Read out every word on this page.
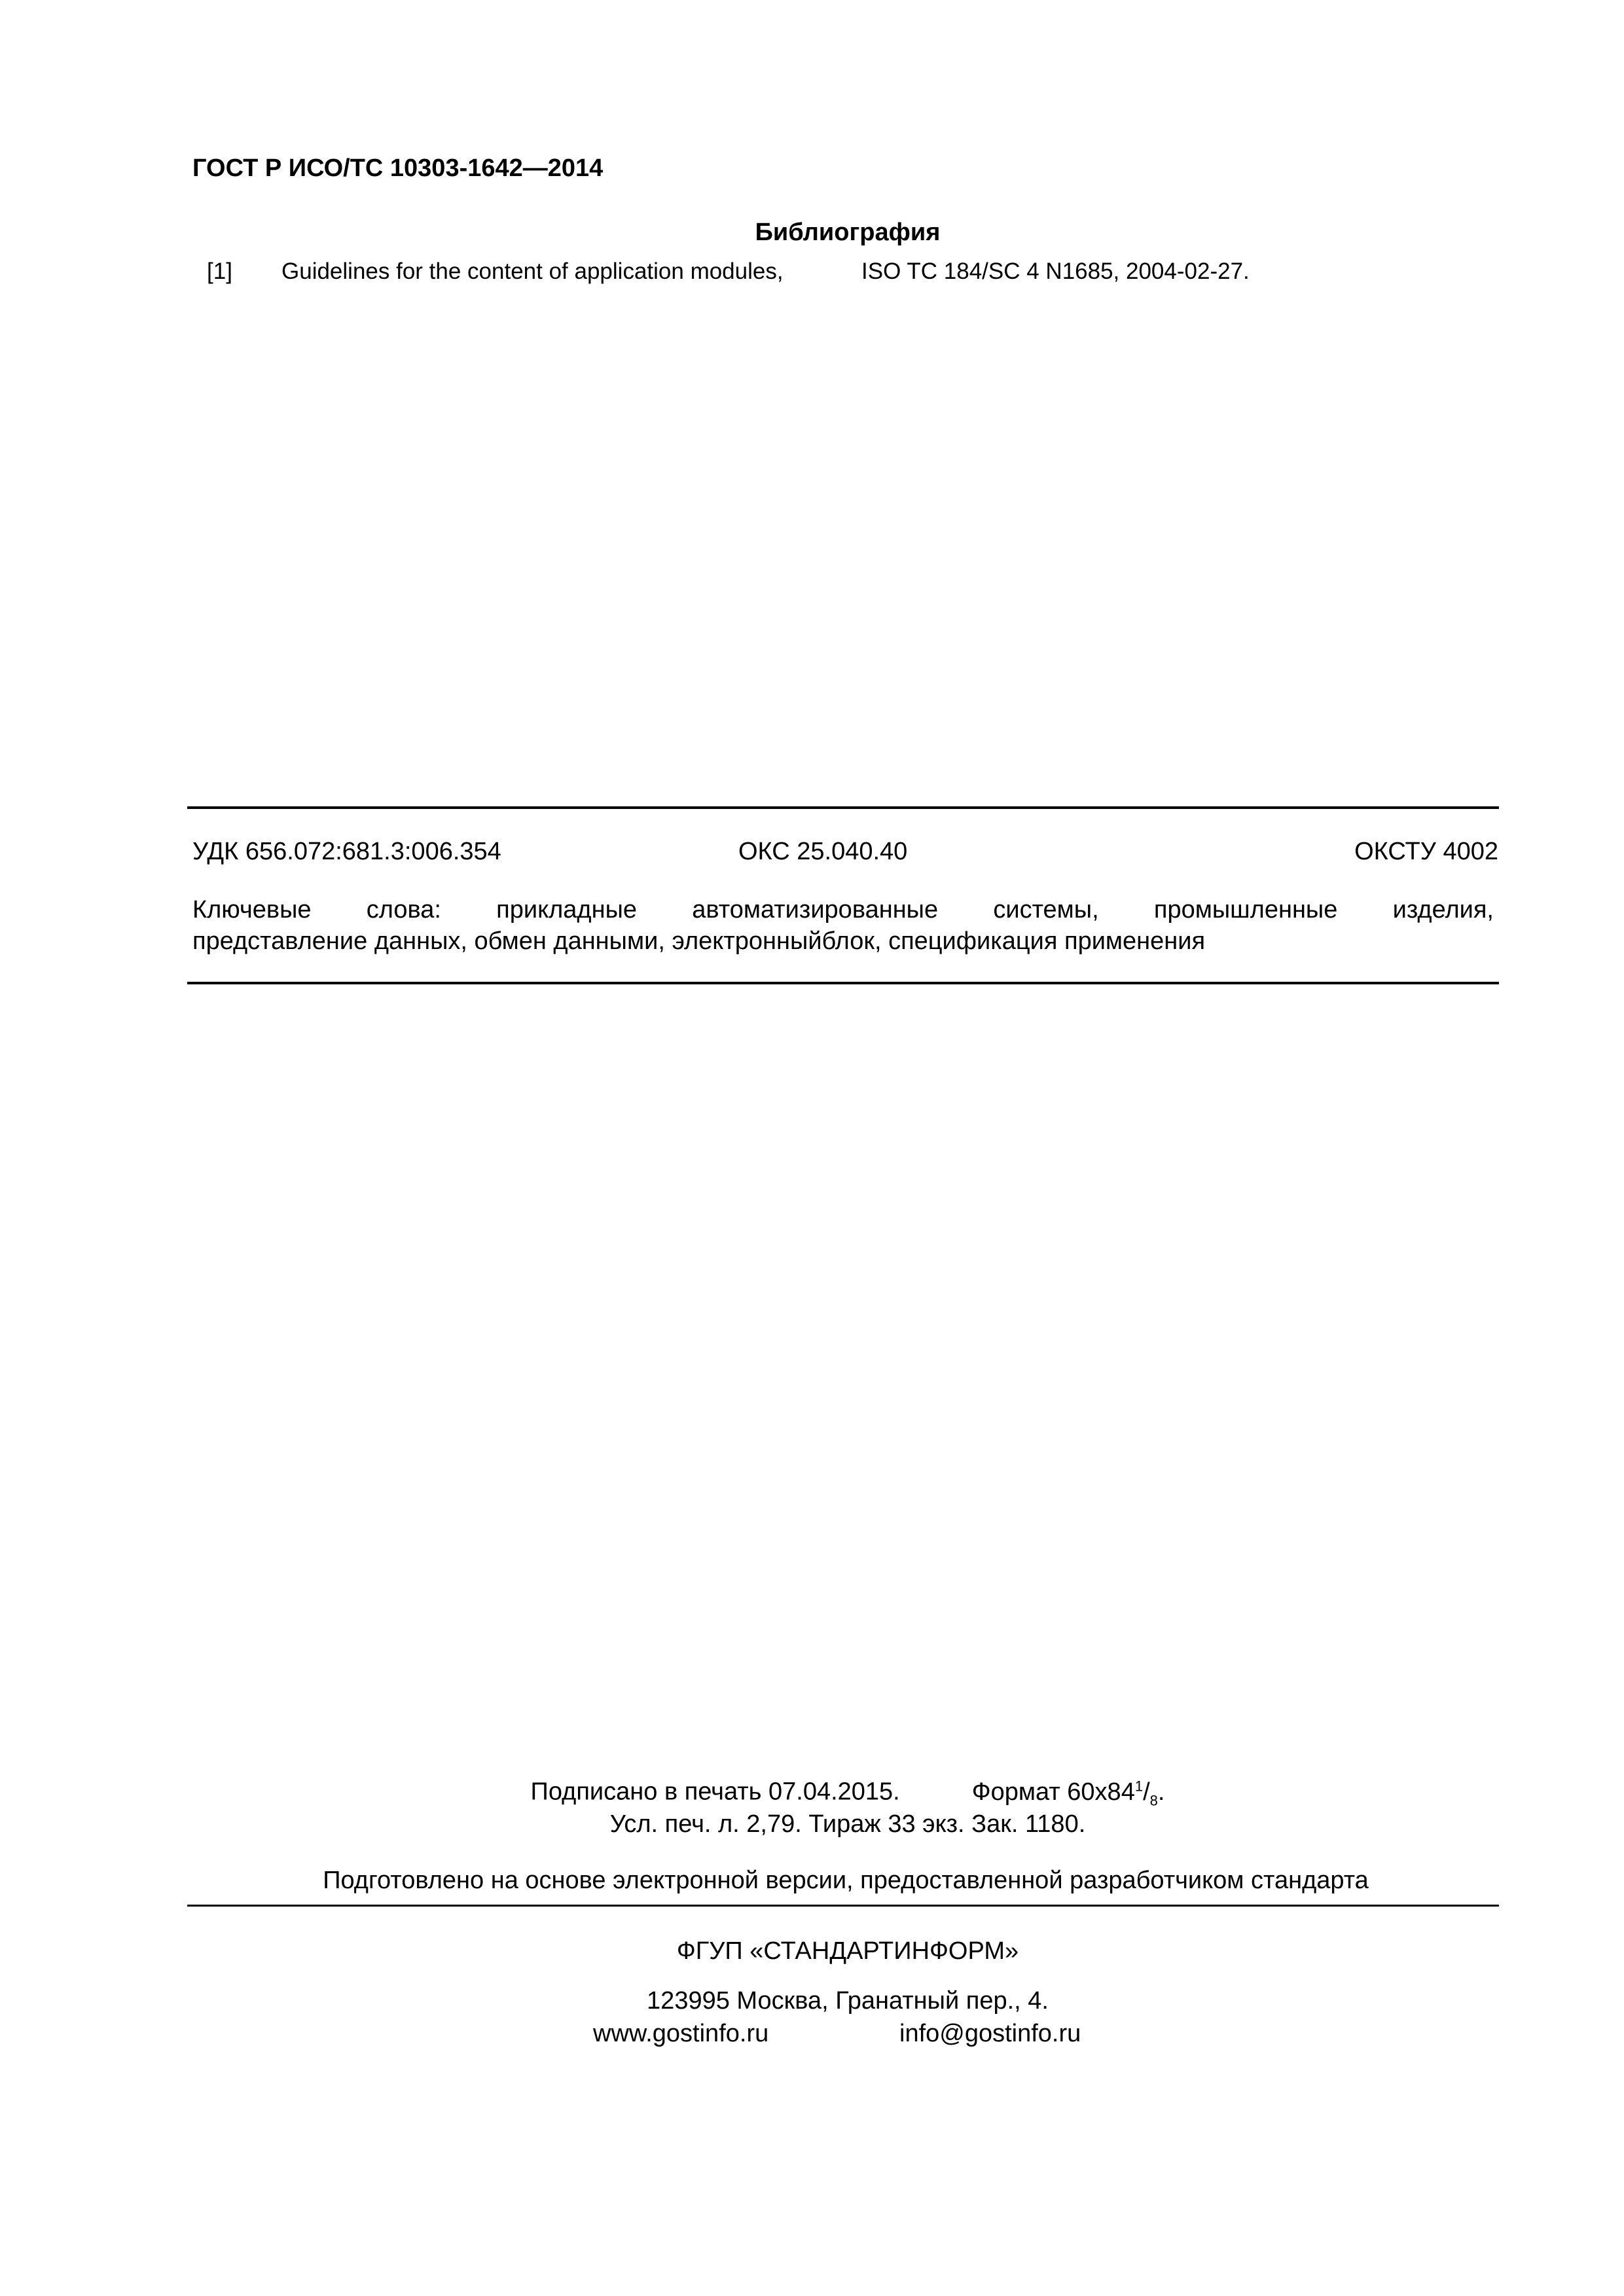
ГОСТ Р ИСО/ТС 10303-1642—2014
Библиография
[1] Guidelines for the content of application modules,	ISO TC 184/SC 4 N1685, 2004-02-27.
УДК 656.072:681.3:006.354	ОКС 25.040.40	ОКСТУ 4002
Ключевые слова: прикладные автоматизированные системы, промышленные изделия,
представление данных, обмен данными, электронныйблок, спецификация применения
Подписано в печать 07.04.2015.	Формат $60x84^1/_8$.
Усл. печ. л. 2,79. Тираж 33 экз. Зак. 1180.
Подготовлено на основе электронной версии, предоставленной разработчиком стандарта
ФГУП «СТАНДАРТИНФОРМ»
123995 Москва, Гранатный пер., 4.
www.gostinfo.ru	info@gostinfo.ru
